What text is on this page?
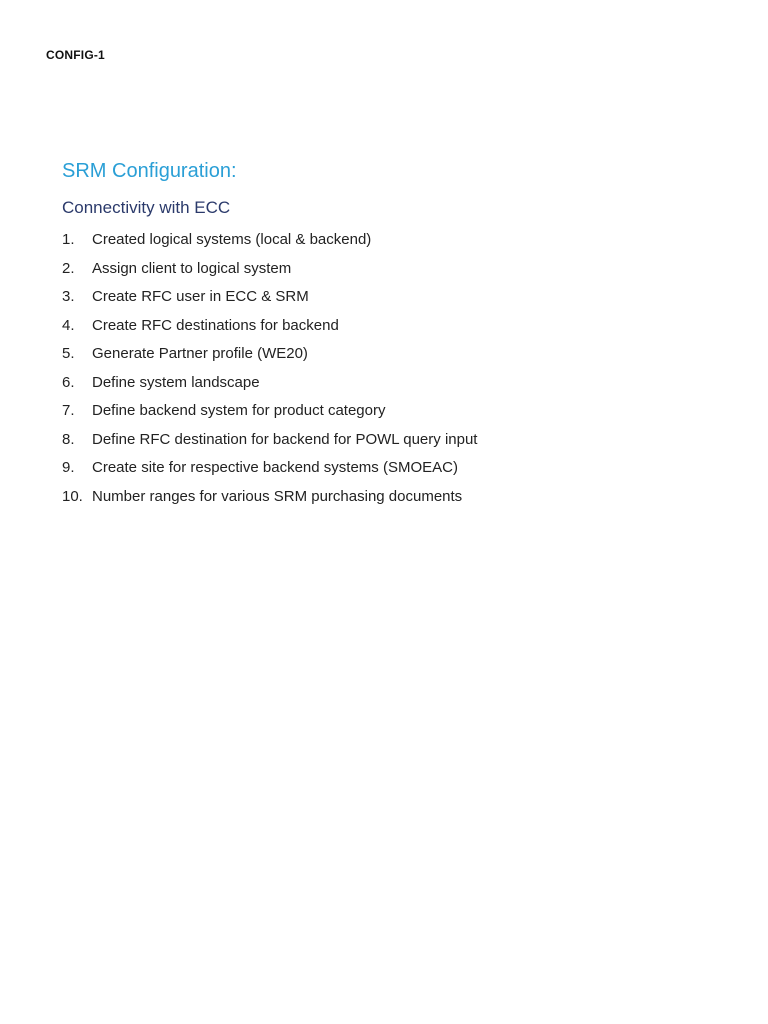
CONFIG-1
SRM Configuration:
Connectivity with ECC
1.	Created logical systems (local & backend)
2.	Assign client to logical system
3.	Create RFC user in ECC & SRM
4.	Create RFC destinations for backend
5.	Generate Partner profile (WE20)
6.	Define system landscape
7.	Define backend system for product category
8.	Define RFC destination for backend for POWL query input
9.	Create site for respective backend systems (SMOEAC)
10. Number ranges for various SRM purchasing documents
